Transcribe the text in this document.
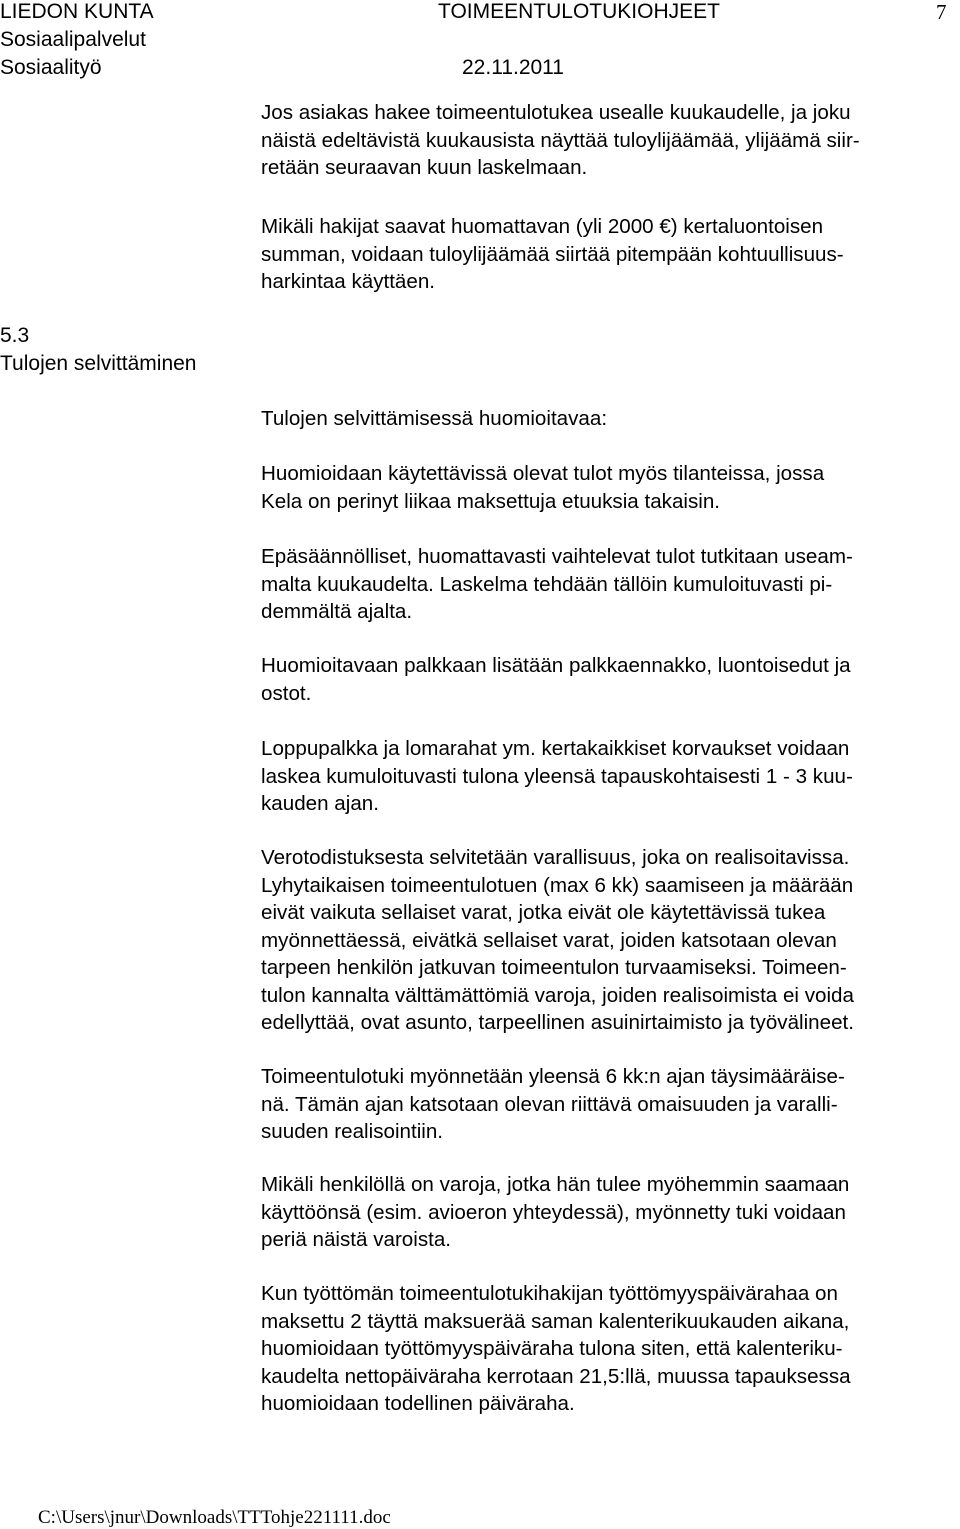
LIEDON KUNTA	TOIMEENTULOTUKIOHJEET	7
Sosiaalipalvelut
Sosiaalityö	22.11.2011
5.3
Tulojen selvittäminen
Jos asiakas hakee toimeentulotukea usealle kuukaudelle, ja joku
näistä edeltävistä kuukausista näyttää tuloylijäämää, ylijäämä siir-
retään seuraavan kuun laskelmaan.
Mikäli hakijat saavat huomattavan (yli 2000 €) kertaluontoisen
summan, voidaan tuloylijäämää siirtää pitempään kohtuullisuus-
harkintaa käyttäen.
Tulojen selvittämisessä huomioitavaa:
Huomioidaan käytettävissä olevat tulot myös tilanteissa, jossa
Kela on perinyt liikaa maksettuja etuuksia takaisin.
Epäsäännölliset, huomattavasti vaihtelevat tulot tutkitaan useam-
malta kuukaudelta. Laskelma tehdään tällöin kumuloituvasti pi-
demmältä ajalta.
Huomioitavaan palkkaan lisätään palkkaennakko, luontoisedut ja
ostot.
Loppupalkka ja lomarahat ym. kertakaikkiset korvaukset voidaan
laskea kumuloituvasti tulona yleensä tapauskohtaisesti 1 - 3 kuu-
kauden ajan.
Verotodistuksesta selvitetään varallisuus, joka on realisoitavissa.
Lyhytaikaisen toimeentulotuen (max 6 kk) saamiseen ja määrään
eivät vaikuta sellaiset varat, jotka eivät ole käytettävissä tukea
myönnettäessä, eivätkä sellaiset varat, joiden katsotaan olevan
tarpeen henkilön jatkuvan toimeentulon turvaamiseksi. Toimeen-
tulon kannalta välttämättömiä varoja, joiden realisoimista ei voida
edellyttää, ovat asunto, tarpeellinen asuinirtaimisto ja työvälineet.
Toimeentulotuki myönnetään yleensä 6 kk:n ajan täysimääräise-
nä. Tämän ajan katsotaan olevan riittävä omaisuuden ja varalli-
suuden realisointiin.
Mikäli henkilöllä on varoja, jotka hän tulee myöhemmin saamaan
käyttöönsä (esim. avioeron yhteydessä), myönnetty tuki voidaan
periä näistä varoista.
Kun työttömän toimeentulotukihakijan työttömyyspäivärahaa on
maksettu 2 täyttä maksuerää saman kalenterikuukauden aikana,
huomioidaan työttömyyspäiväraha tulona siten, että kalenteriku-
kaudelta nettopäiväraha kerrotaan 21,5:llä, muussa tapauksessa
huomioidaan todellinen päiväraha.
C:\Users\jnur\Downloads\TTTohje221111.doc
